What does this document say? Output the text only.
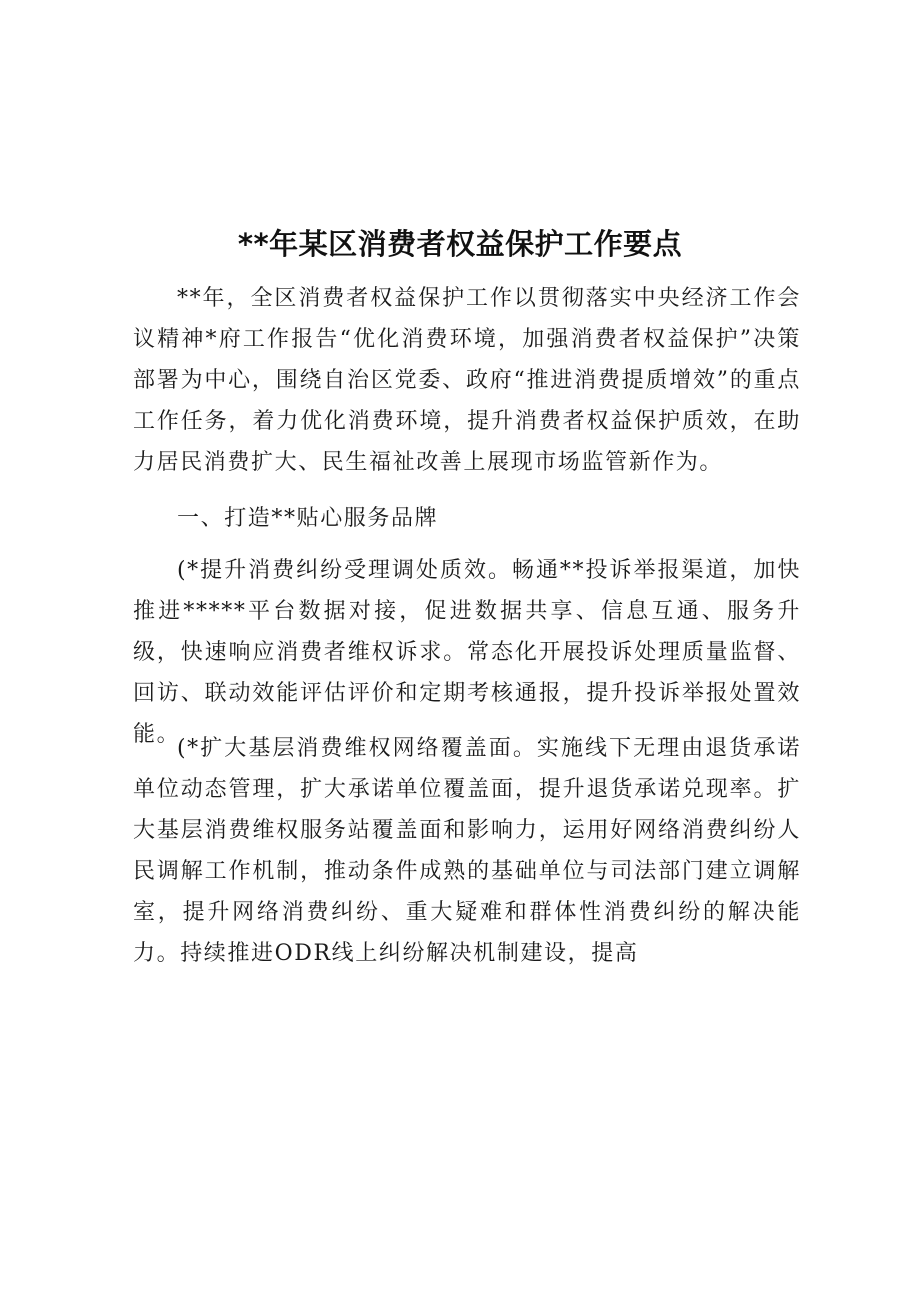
**年某区消费者权益保护工作要点

**年，全区消费者权益保护工作以贯彻落实中央经济工作会议精神*府工作报告“优化消费环境，加强消费者权益保护”决策部署为中心，围绕自治区党委、政府“推进消费提质增效”的重点工作任务，着力优化消费环境，提升消费者权益保护质效，在助力居民消费扩大、民生福祉改善上展现市场监管新作为。

一、打造**贴心服务品牌

(*提升消费纠纷受理调处质效。畅通**投诉举报渠道，加快推进*****平台数据对接，促进数据共享、信息互通、服务升级，快速响应消费者维权诉求。常态化开展投诉处理质量监督、回访、联动效能评估评价和定期考核通报，提升投诉举报处置效能。

(*扩大基层消费维权网络覆盖面。实施线下无理由退货承诺单位动态管理，扩大承诺单位覆盖面，提升退货承诺兑现率。扩大基层消费维权服务站覆盖面和影响力，运用好网络消费纠纷人民调解工作机制，推动条件成熟的基础单位与司法部门建立调解室，提升网络消费纠纷、重大疑难和群体性消费纠纷的解决能力。持续推进ODR线上纠纷解决机制建设，提高
